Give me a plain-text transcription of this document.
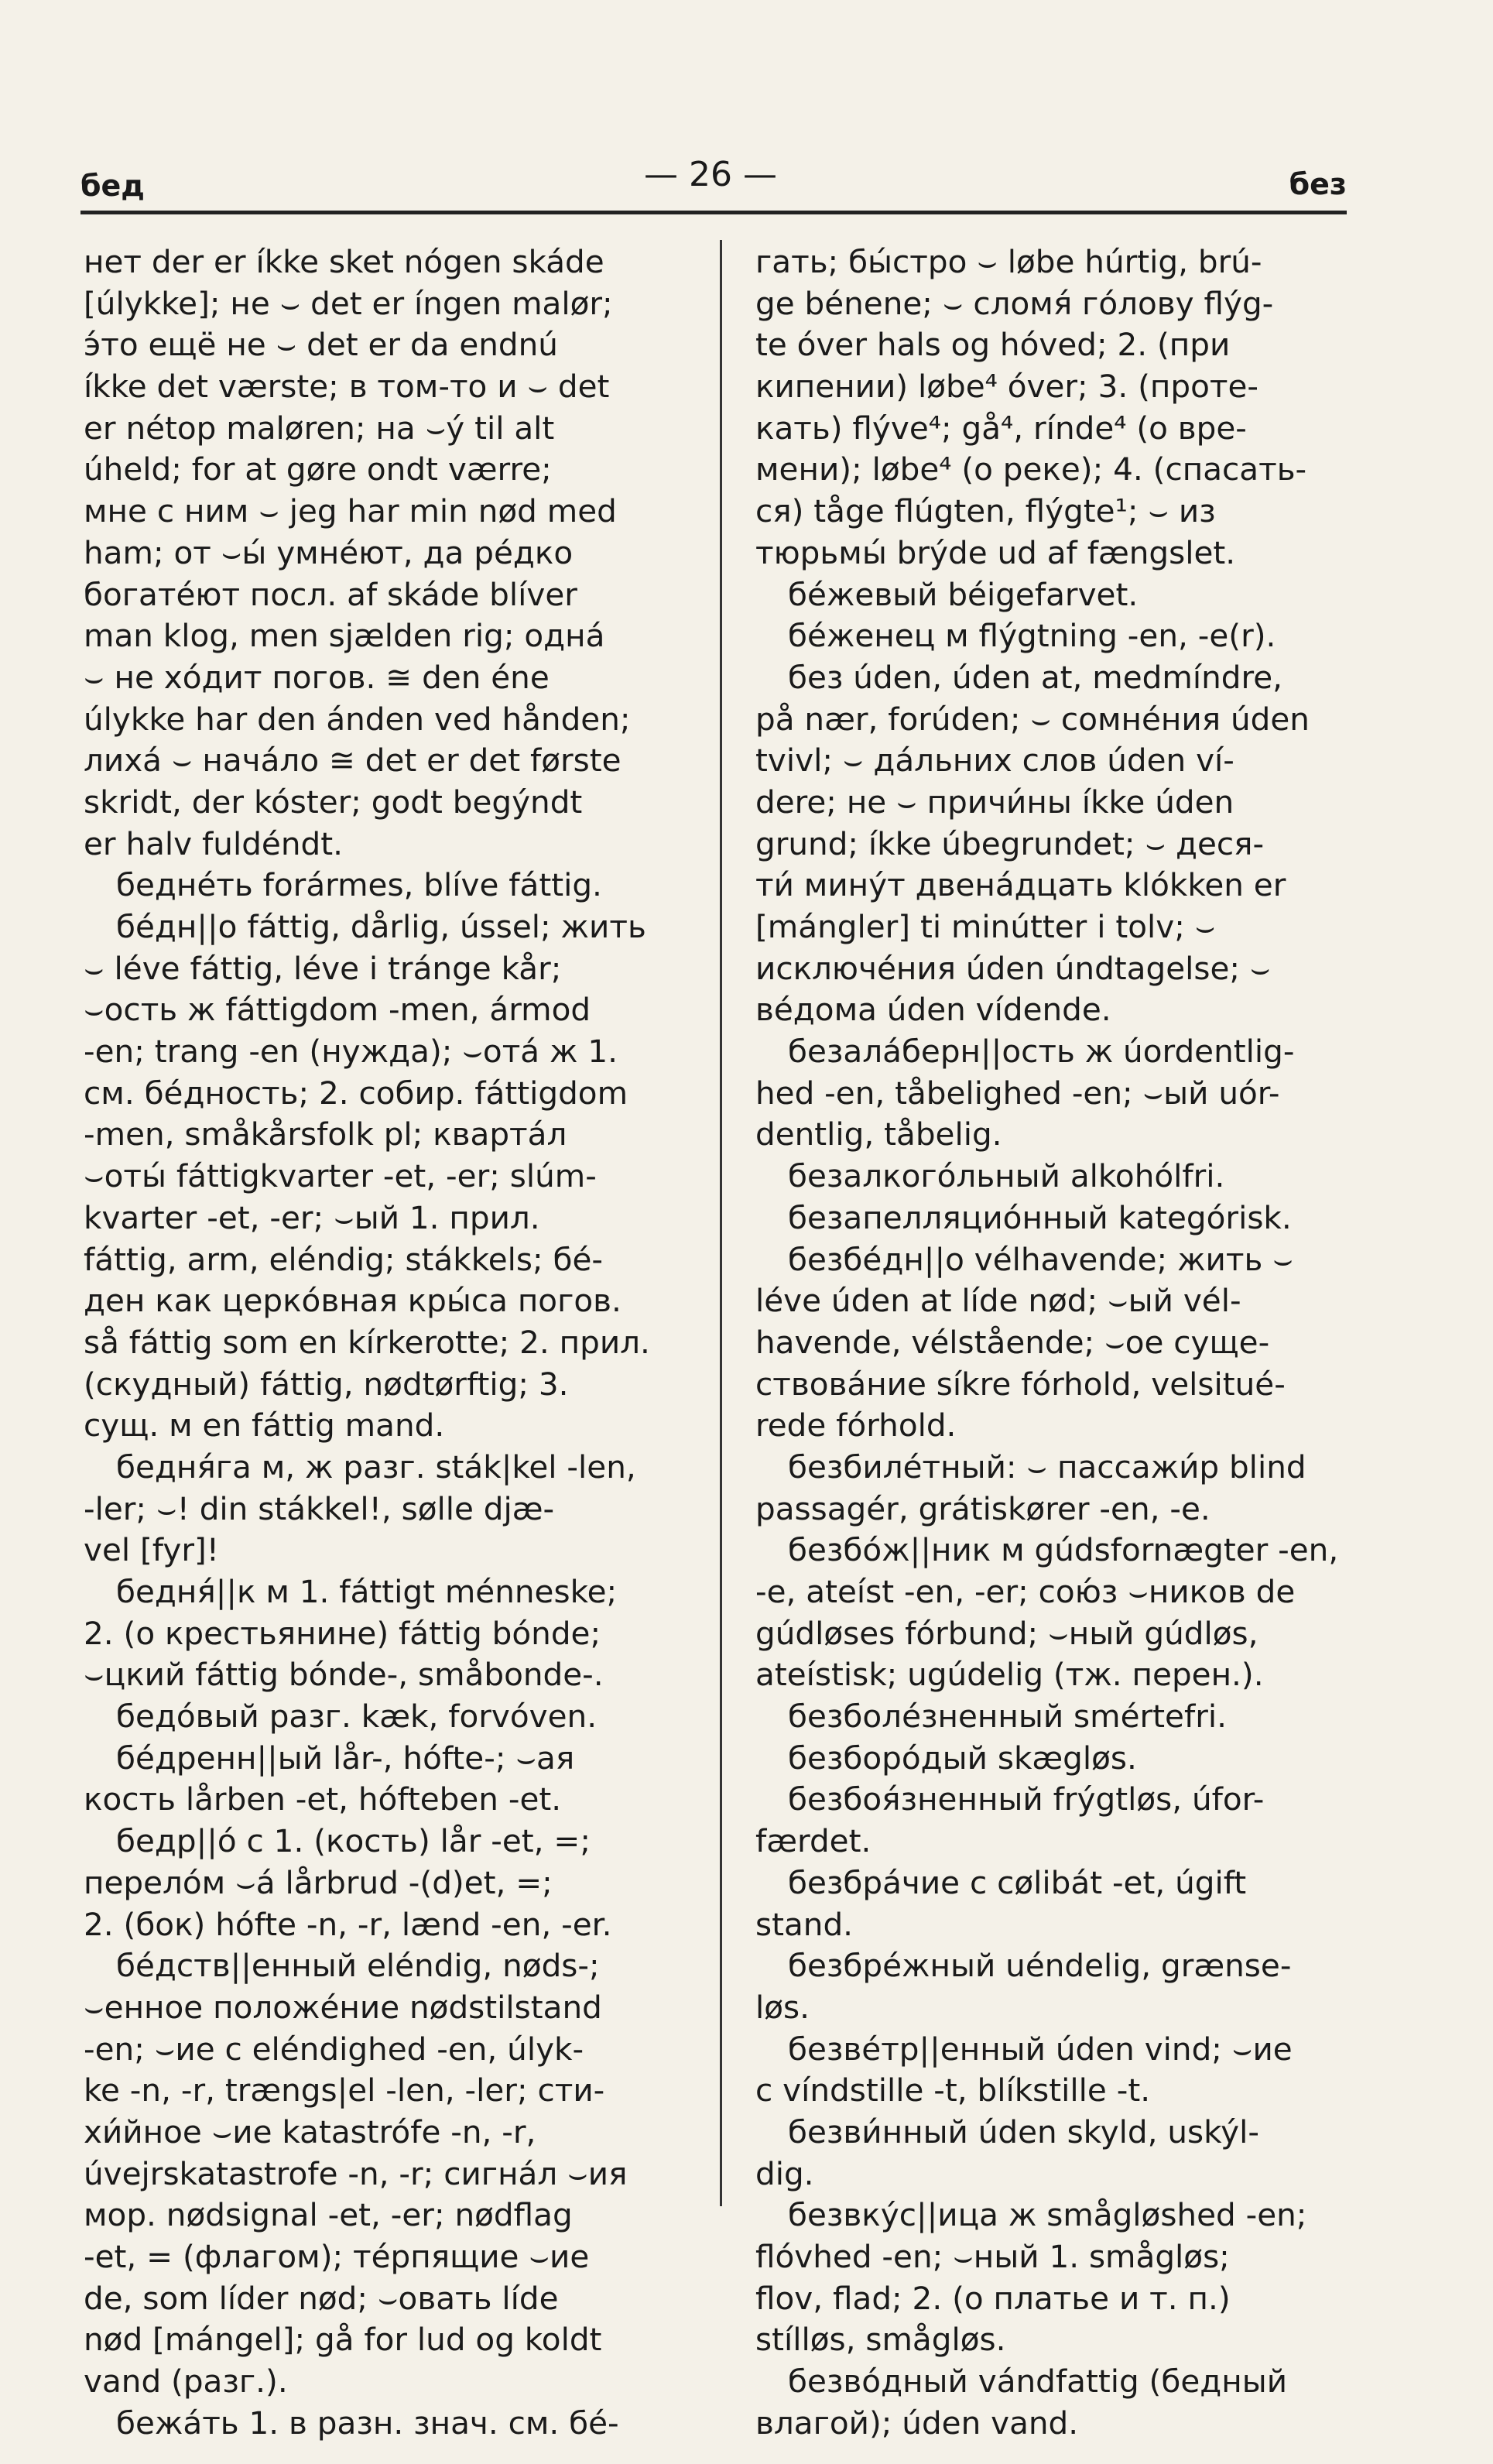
бед	— 26 —	без
нет der er íkke sket nógen skáde
[úlykke]; не ⌣ det er íngen malør;
э́то ещё не ⌣ det er da endnú
íkke det værste; в том-то и ⌣ det
er nétop maløren; на ⌣ý til alt
úheld; for at gøre ondt værre;
мне с ним ⌣ jeg har min nød med
ham; от ⌣ы́ умнéют, да рéдко
богатéют посл. af skáde blíver
man klog, men sjælden rig; однá
⌣ не хóдит погов. ≅ den éne
úlykke har den ánden ved hånden;
лихá ⌣ начáло ≅ det er det første
skridt, der kóster; godt begýndt
er halv fuldéndt.
беднéть forármes, blíve fáttig.
бéдн||о fáttig, dårlig, ússel; жить
⌣ léve fáttig, léve i tránge kår;
⌣ость ж fáttigdom -men, ármod
-en; trang -en (нужда); ⌣отá ж 1.
см. бéдность; 2. собир. fáttigdom
-men, småkårsfolk pl; квартáл
⌣оты́ fáttigkvarter -et, -er; slúm-
kvarter -et, -er; ⌣ый 1. прил.
fáttig, arm, eléndig; stákkels; бé-
ден как церкóвная кры́са погов.
så fáttig som en kírkerotte; 2. прил.
(скудный) fáttig, nødtørftig; 3.
сущ. м en fáttig mand.
бедня́га м, ж разг. sták|kel -len,
-ler; ⌣! din stákkel!, sølle djæ-
vel [fyr]!
бедня́||к м 1. fáttigt ménneske;
2. (о крестьянине) fáttig bónde;
⌣цкий fáttig bónde-, småbonde-.
бедóвый разг. kæk, forvóven.
бéдренн||ый lår-, hófte-; ⌣ая
кость lårben -et, hófteben -et.
бедр||ó с 1. (кость) lår -et, =;
перелóм ⌣á lårbrud -(d)et, =;
2. (бок) hófte -n, -r, lænd -en, -er.
бéдств||енный eléndig, nøds-;
⌣енное положéние nødstilstand
-en; ⌣ие с eléndighed -en, úlyk-
ke -n, -r, trængs|el -len, -ler; сти-
хи́йное ⌣ие katastrófe -n, -r,
úvejrskatastrofe -n, -r; сигнáл ⌣ия
мор. nødsignal -et, -er; nødflag
-et, = (флагом); тéрпящие ⌣ие
de, som líder nød; ⌣овать líde
nød [mángel]; gå for lud og koldt
vand (разг.).
бежáть 1. в разн. знач. см. бé-
гать; бы́стро ⌣ løbe húrtig, brú-
ge bénene; ⌣ сломя́ гóлову flýg-
te óver hals og hóved; 2. (при
кипении) løbe⁴ óver; 3. (протe-
кать) flýve⁴; gå⁴, rínde⁴ (о вре-
мени); løbe⁴ (о реке); 4. (спасать-
ся) tåge flúgten, flýgte¹; ⌣ из
тюрьмы́ brýde ud af fængslet.
бéжевый béigefarvet.
бéженец м flýgtning -en, -e(r).
без úden, úden at, medmíndre,
på nær, forúden; ⌣ сомнéния úden
tvivl; ⌣ дáльних слов úden ví-
dere; не ⌣ причи́ны íkke úden
grund; íkke úbegrundet; ⌣ деся-
ти́ минýт двенáдцать klókken er
[mángler] ti minútter i tolv; ⌣
исключéния úden úndtagelse; ⌣
вéдома úden vídende.
безалáберн||ость ж úordentlig-
hed -en, tåbelighed -en; ⌣ый uór-
dentlig, tåbelig.
безалкогóльный alkohólfri.
безапелляциóнный kategórisk.
безбéдн||о vélhavende; жить ⌣
léve úden at líde nød; ⌣ый vél-
havende, vélstående; ⌣ое суще-
ствовáние síkre fórhold, velsitué-
rede fórhold.
безбилéтный: ⌣ пассажи́р blind
passagér, grátiskører -en, -e.
безбóж||ник м gúdsfornægter -en,
-e, ateíst -en, -er; сою́з ⌣ников de
gúdløses fórbund; ⌣ный gúdløs,
ateístisk; ugúdelig (тж. перен.).
безболéзненный smértefri.
безборóдый skægløs.
безбоя́зненный frýgtløs, úfor-
færdet.
безбрáчие с cølibát -et, úgift
stand.
безбрéжный uéndelig, grænse-
løs.
безвéтр||енный úden vind; ⌣ие
с víndstille -t, blíkstille -t.
безви́нный úden skyld, uskýl-
dig.
безвкýс||ица ж smågløshed -en;
flóvhed -en; ⌣ный 1. smågløs;
flov, flad; 2. (о платье и т. п.)
stílløs, smågløs.
безвóдный vándfattig (бедный
влагой); úden vand.
